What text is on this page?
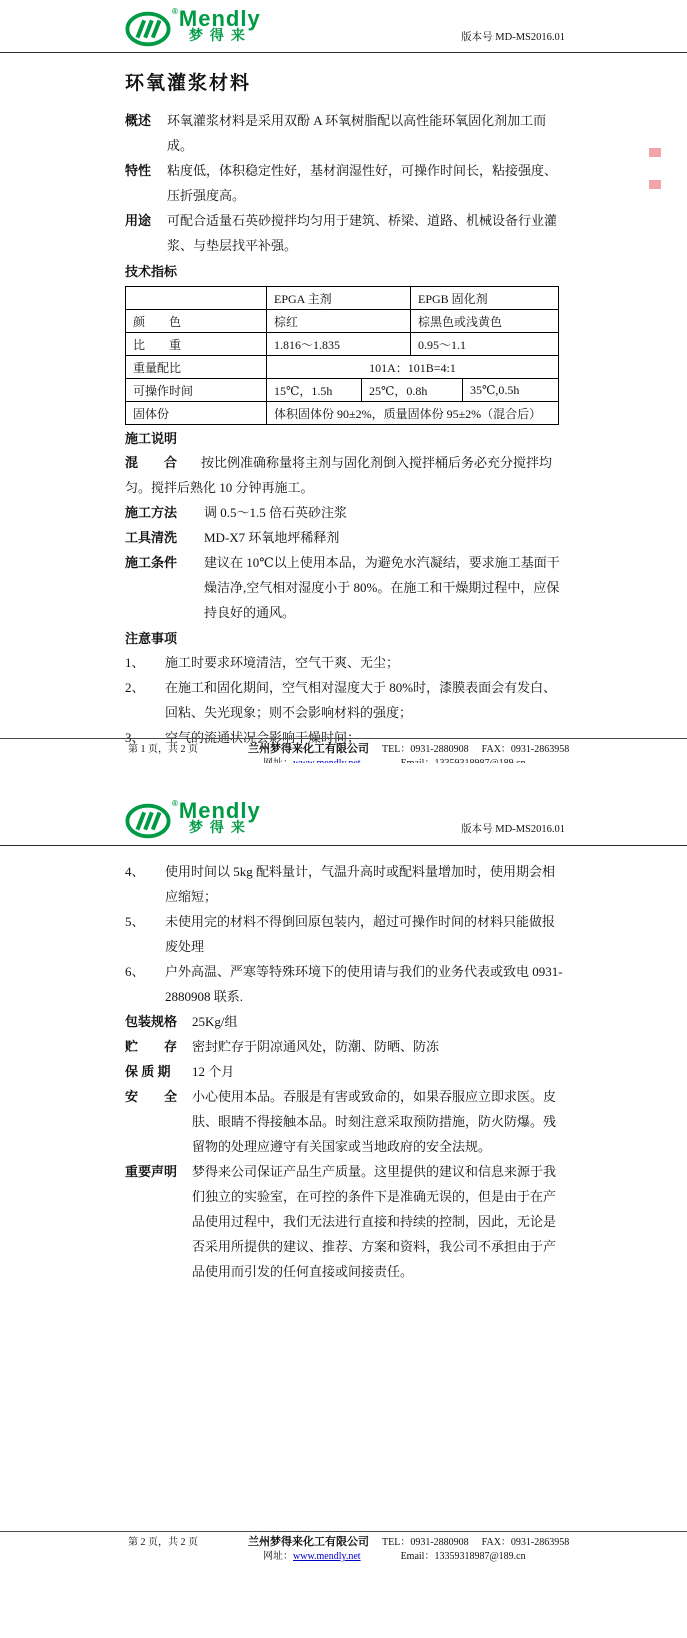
® Mendly
梦得来	版本号 MD-MS2016.01
环氧灌浆材料
概述	环氧灌浆材料是采用双酚 A 环氧树脂配以高性能环氧固化剂加工而成。
特性	粘度低，体积稳定性好，基材润湿性好，可操作时间长，粘接强度、压折强度高。
用途	可配合适量石英砂搅拌均匀用于建筑、桥梁、道路、机械设备行业灌浆、与垫层找平补强。
技术指标
	EPGA 主剂		EPGB 固化剂	
颜　　色	棕红		棕黑色或浅黄色	
比　　重	1.816～1.835		0.95～1.1	
重量配比	101A：101B=4:1			
可操作时间	15℃，1.5h	25℃，0.8h		35℃,0.5h
固体份	体积固体份 90±2%，质量固体份 95±2%（混合后）			
施工说明

混　　合 按比例准确称量将主剂与固化剂倒入搅拌桶后务必充分搅拌均匀。搅拌后熟化 10 分钟再施工。

施工方法	调 0.5～1.5 倍石英砂注浆
工具清洗	MD-X7 环氧地坪稀释剂
施工条件	建议在 10℃以上使用本品，为避免水汽凝结，要求施工基面干燥洁净,空气相对湿度小于 80%。在施工和干燥期过程中，应保持良好的通风。
注意事项
1、	施工时要求环境清洁，空气干爽、无尘；
2、	在施工和固化期间，空气相对湿度大于 80%时，漆膜表面会有发白、回粘、失光现象；则不会影响材料的强度；
3、	空气的流通状况会影响干燥时间；
第 1 页，共 2 页	兰州梦得来化工有限公司 TEL：0931-2880908 FAX：0931-2863958
® Mendly
梦得来	版本号 MD-MS2016.01
4、	使用时间以 5kg 配料量计，气温升高时或配料量增加时，使用期会相应缩短；
5、	未使用完的材料不得倒回原包装内，超过可操作时间的材料只能做报废处理
6、	户外高温、严寒等特殊环境下的使用请与我们的业务代表或致电 0931-2880908 联系.
包装规格	25Kg/组
贮　　存	密封贮存于阴凉通风处，防潮、防晒、防冻
保 质 期	12 个月
安　　全	小心使用本品。吞服是有害或致命的，如果吞服应立即求医。皮肤、眼睛不得接触本品。时刻注意采取预防措施，防火防爆。残留物的处理应遵守有关国家或当地政府的安全法规。
重要声明	梦得来公司保证产品生产质量。这里提供的建议和信息来源于我们独立的实验室，在可控的条件下是准确无误的，但是由于在产品使用过程中，我们无法进行直接和持续的控制，因此，无论是否采用所提供的建议、推荐、方案和资料，我公司不承担由于产品使用而引发的任何直接或间接责任。
第 2 页，共 2 页	兰州梦得来化工有限公司 TEL：0931-2880908 FAX：0931-2863958
网址：www.mendly.net	Email：13359318987@189.cn
